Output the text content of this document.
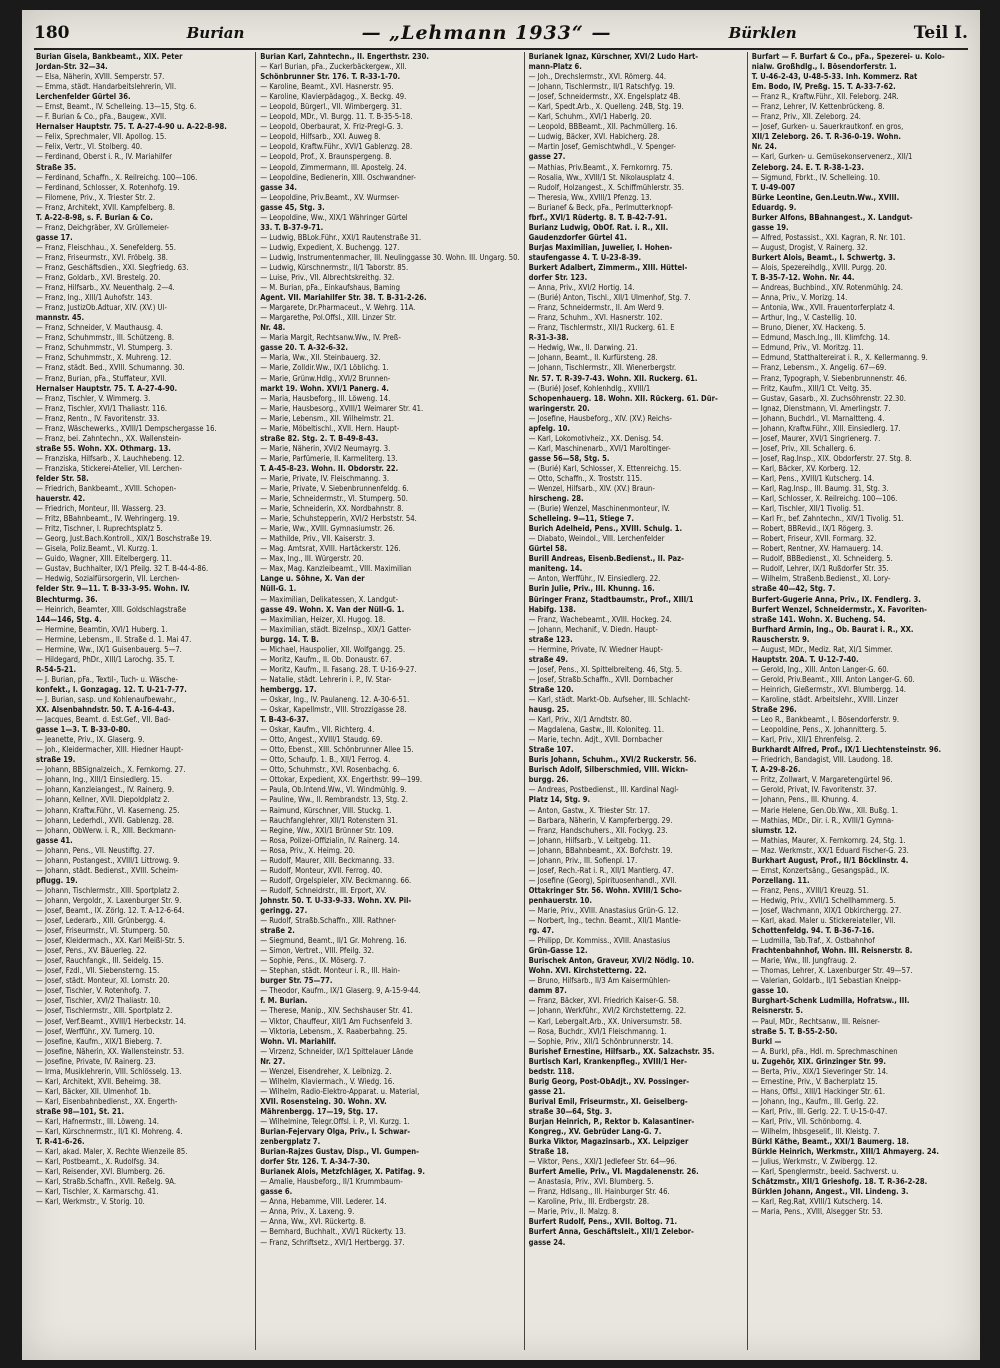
180	Burian	— „Lehmann 1933“ —	Bürklen	Teil I.
Burian Gisela, Bankbeamt., XIX. Peter
Jordan-Str. 32—34.
— Elsa, Näherin, XVIII. Semperstr. 57.
— Emma, städt. Handarbeitslehrerin, VII.
Lerchenfelder Gürtel 36.
— Ernst, Beamt., IV. Schelleing. 13—15, Stg. 6.
— F. Burian & Co., pFa., Baugew., XVII.
Hernalser Hauptstr. 75. T. A-27-4-90 u. A-22-8-98.
— Felix, Sprechmaler, VII. Apollog. 15.
— Felix, Vertr., VI. Stolberg. 40.
— Ferdinand, Oberst i. R., IV. Mariahilfer
Straße 35.
— Ferdinand, Schaffn., X. Reilreichg. 100—106.
— Ferdinand, Schlosser, X. Rotenhofg. 19.
— Filomene, Priv., X. Triester Str. 2.
— Franz, Architekt, XVII. Kampfelberg. 8.
T. A-22-8-98, s. F. Burian & Co.
— Franz, Deichgräber, XV. Grüllemeier-
gasse 17.
— Franz, Fleischhau., X. Senefelderg. 55.
— Franz, Friseurmstr., XVI. Fröbelg. 38.
— Franz, Geschäftsdien., XXI. Siegfriedg. 63.
— Franz, Goldarb., XVI. Brestelg. 20.
— Franz, Hilfsarb., XV. Neuenthalg. 2—4.
— Franz, Ing., XIII/1 Auhofstr. 143.
— Franz, JustizOb.Adtuar, XIV. (XV.) Ul-
mannstr. 45.
— Franz, Schneider, V. Mauthausg. 4.
— Franz, Schuhmmstr., III. Schützeng. 8.
— Franz, Schuhmmstr., VI. Stumperg. 3.
— Franz, Schuhmmstr., X. Muhreng. 12.
— Franz, städt. Bed., XVIII. Schumanng. 30.
— Franz, Burian, pFa., Stuffateur, XVII.
Hernalser Hauptstr. 75. T. A-27-4-90.
— Franz, Tischler, V. Wimmerg. 3.
— Franz, Tischler, XVI/1 Thaliastr. 116.
— Franz, Rentn., IV. Favoritenstr. 33.
— Franz, Wäschewerks., XVIII/1 Dempschergasse 16.
— Franz, bei. Zahntechn., XX. Wallenstein-
straße 55. Wohn. XX. Othmarg. 13.
— Franziska, Hilfsarb., X. Lauchhebeng. 12.
— Franziska, Stickerei-Atelier, VII. Lerchen-
felder Str. 58.
— Friedrich, Bankbeamt., XVIII. Schopen-
hauerstr. 42.
— Friedrich, Monteur, III. Wasserg. 23.
— Fritz, BBahnbeamt., IV. Wehringerg. 19.
— Fritz, Tischner, I. Ruprechtsplatz 5.
— Georg, Just.Bach.Kontroll., XIX/1 Boschstraße 19.
— Gisela, Poliz.Beamt., VI. Kurzg. 1.
— Guido, Wagner, XIII. Eitelbergerg. 11.
— Gustav, Buchhalter, IX/1 Pfeilg. 32 T. B-44-4-86.
— Hedwig, Sozialfürsorgerin, VII. Lerchen-
felder Str. 9—11. T. B-33-3-95. Wohn. IV.
Blechturmg. 36.
— Heinrich, Beamter, XIII. Goldschlagstraße
144—146, Stg. 4.
— Hermine, Beamtin, XVI/1 Huberg. 1.
— Hermine, Lebensm., II. Straße d. 1. Mai 47.
— Hermine, Ww., IX/1 Guisenbauerg. 5—7.
— Hildegard, PhDr., XIII/1 Larochg. 35. T.
R-54-5-21.
— J. Burian, pFa., Textil-, Tuch- u. Wäsche-
konfekt., I. Gonzagag. 12. T. U-21-7-77.
— J. Burian, sasp. und Kohlenaufbewahr.,
XX. Alsenbahndstr. 50. T. A-16-4-43.
— Jacques, Beamt. d. Est.Gef., VII. Bad-
gasse 1—3. T. B-33-0-80.
— Jeanette, Priv., IX. Glaserg. 9.
— Joh., Kleidermacher, XIII. Hiedner Haupt-
straße 19.
— Johann, BBSignalzeich., X. Fernkorng. 27.
— Johann, Ing., XIII/1 Einsiedlerg. 15.
— Johann, Kanzleiangest., IV. Rainerg. 9.
— Johann, Kellner, XVII. Diepoldplatz 2.
— Johann, Kraftw.Führ., VI. Kaserneng. 25.
— Johann, Lederhdl., XVII. Gablenzg. 28.
— Johann, ObWerw. i. R., XIII. Beckmann-
gasse 41.
— Johann, Pens., VII. Neustiftg. 27.
— Johann, Postangest., XVIII/1 Littrowg. 9.
— Johann, städt. Bedienst., XVIII. Scheim-
pflugg. 19.
— Johann, Tischlermstr., XIII. Sportplatz 2.
— Johann, Vergoldr., X. Laxenburger Str. 9.
— Josef, Beamt., IX. Zörlg. 12. T. A-12-6-64.
— Josef, Lederarb., XIII. Grünbergg. 4.
— Josef, Friseurmstr., VI. Stumperg. 50.
— Josef, Kleidermach., XX. Karl Meißl-Str. 5.
— Josef, Pens., XV. Bäuerleg. 22.
— Josef, Rauchfangk., III. Seidelg. 15.
— Josef, Fzdl., VII. Siebensterng. 15.
— Josef, städt. Monteur, XI. Lornstr. 20.
— Josef, Tischler, V. Rotenhofg. 7.
— Josef, Tischler, XVI/2 Thaliastr. 10.
— Josef, Tischlermstr., XIII. Sportplatz 2.
— Josef, Verf.Beamt., XVIII/1 Herbeckstr. 14.
— Josef, Werfführ., XV. Turnerg. 10.
— Josefine, Kaufm., XIX/1 Bieberg. 7.
— Josefine, Näherin, XX. Wallensteinstr. 53.
— Josefine, Private, IV. Rainerg. 23.
— Irma, Musiklehrerin, VIII. Schlösselg. 13.
— Karl, Architekt, XVII. Beheimg. 38.
— Karl, Bäcker, XII. Ulmenhof. 1b.
— Karl, Eisenbahnbedienst., XX. Engerth-
straße 98—101, St. 21.
— Karl, Hafnermstr., III. Löweng. 14.
— Karl, Kürschnermstr., II/1 Kl. Mohreng. 4.
T. R-41-6-26.
— Karl, akad. Maler, X. Rechte Wienzeile 85.
— Karl, Postbeamt., X. Rudolfsg. 34.
— Karl, Reisender, XVI. Blumberg. 26.
— Karl, Straßb.Schaffn., XVII. Reßelg. 9A.
— Karl, Tischler, X. Karmarschg. 41.
— Karl, Werkmstr., V. Storig. 10.
Burian Karl, Zahntechn., II. Engerthstr. 230.
— Karl Burian, pFa., Zuckerbäckergew., XII.
Schönbrunner Str. 176. T. R-33-1-70.
— Karoline, Beamt., XVI. Hasnerstr. 95.
— Karoline, Klavierpädagog., X. Beckg. 49.
— Leopold, Bürgerl., VII. Wimbergerg. 31.
— Leopold, MDr., VI. Burgg. 11. T. B-35-5-18.
— Leopold, Oberbaurat, X. Friz-Pregl-G. 3.
— Leopold, Hilfsarb., XXI. Auweg 8.
— Leopold, Kraftw.Führ., XVI/1 Gablenzg. 28.
— Leopold, Prof., X. Braunspergeng. 8.
— Leopold, Zimmermann, III. Apostelg. 24.
— Leopoldine, Bedienerin, XIII. Oschwandner-
gasse 34.
— Leopoldine, Priv.Beamt., XV. Wurmser-
gasse 45, Stg. 3.
— Leopoldine, Ww., XIX/1 Währinger Gürtel
33. T. B-37-9-71.
— Ludwig, BBLok.Führ., XXI/1 Rautenstraße 31.
— Ludwig, Expedient, X. Buchengg. 127.
— Ludwig, Instrumentenmacher, III. Neulinggasse 30. Wohn. III. Ungarg. 50.
— Ludwig, Kürschnermstr., II/1 Taborstr. 85.
— Luise, Priv., VII. Albrechtskreithg. 32.
— M. Burian, pFa., Einkaufshaus, Baming
Agent. VII. Mariahilfer Str. 38. T. B-31-2-26.
— Margarete, Dr.Pharmaceut., V. Wehrg. 11A.
— Margarethe, Pol.Offsl., XIII. Linzer Str.
Nr. 48.
— Maria Margit, Rechtsanw.Ww., IV. Preß-
gasse 20. T. A-32-6-32.
— Maria, Ww., XII. Steinbauerg. 32.
— Marie, Zolldir.Ww., IX/1 Löblichg. 1.
— Marie, Grünw.Hdlg., XVI/2 Brunnen-
markt 19. Wohn. XVI/1 Panerg. 4.
— Maria, Hausbeforg., III. Löweng. 14.
— Marie, Hausbesorg., XVIII/1 Weimarer Str. 41.
— Marie, Lebensm., XII. Wilhelmstr. 21.
— Marie, Möbeltischl., XVII. Hern. Haupt-
straße 82. Stg. 2. T. B-49-8-43.
— Marie, Näherin, XVI/2 Neumayrg. 3.
— Marie, Parfümerie, II. Karmeliterg. 13.
T. A-45-8-23. Wohn. II. Obdorstr. 22.
— Marie, Private, IV. Fleischmanng. 3.
— Marie, Private, V. Siebenbrunnenfeldg. 6.
— Marie, Schneidermstr., VI. Stumperg. 50.
— Marie, Schneiderin, XX. Nordbahnstr. 8.
— Marie, Schuhstepperin, XVI/2 Herbststr. 54.
— Marie, Ww., XVIII. Gymnasiumstr. 26.
— Mathilde, Priv., VII. Kaiserstr. 3.
— Mag. Amtsrat, XVIII. Hartäckerstr. 126.
— Max, Ing., III. Würgerstr. 20.
— Max, Mag. Kanzleibeamt., VIII. Maximilian
Lange u. Söhne, X. Van der
Nüll-G. 1.
— Maximilian, Delikatessen, X. Landgut-
gasse 49. Wohn. X. Van der Nüll-G. 1.
— Maximilian, Heizer, XI. Hugog. 18.
— Maximilian, städt. BizeInsp., XIX/1 Gatter-
burgg. 14. T. B.
— Michael, Hauspolier, XII. Wolfgangg. 25.
— Moritz, Kaufm., II. Ob. Donaustr. 67.
— Moritz, Kaufm., II. Fasang. 28. T. U-16-9-27.
— Natalie, städt. Lehrerin i. P., IV. Star-
hembergg. 17.
— Oskar, Ing., IV. Paulaneng. 12. A-30-6-51.
— Oskar, Kapellmstr., VIII. Strozzigasse 28.
T. B-43-6-37.
— Oskar, Kaufm., VII. Richterg. 4.
— Otto, Angest., XVIII/1 Staudg. 69.
— Otto, Ebenst., XIII. Schönbrunner Allee 15.
— Otto, Schaufp. 1. B., XII/1 Ferrog. 4.
— Otto, Schuhmstr., XVI. Rosenbachg. 6.
— Ottokar, Expedient, XX. Engerthstr. 99—199.
— Paula, Ob.Intend.Ww., VI. Windmühlg. 9.
— Pauline, Ww., II. Rembrandstr. 13, Stg. 2.
— Raimund, Kürschner, VIII. Stuckg. 1.
— Rauchfanglehrer, XII/1 Rotenstern 31.
— Regine, Ww., XXI/1 Brünner Str. 109.
— Rosa, Polizei-Offizialin, IV. Rainerg. 14.
— Rosa, Priv., X. Heimg. 20.
— Rudolf, Maurer, XIII. Beckmanng. 33.
— Rudolf, Monteur, XVII. Ferrog. 40.
— Rudolf, Orgelspieler, XIV. Beckmanng. 66.
— Rudolf, Schneidrstr., III. Erport, XV.
Johnstr. 50. T. U-33-9-33. Wohn. XV. Pil-
geringg. 27.
— Rudolf, Straßb.Schaffn., XIII. Rathner-
straße 2.
— Siegmund, Beamt., II/1 Gr. Mohreng. 16.
— Simon, Vertret., VIII. Pfeilg. 32.
— Sophie, Pens., IX. Möserg. 7.
— Stephan, städt. Monteur i. R., III. Hain-
burger Str. 75—77.
— Theodor, Kaufm., IX/1 Glaserg. 9, A-15-9-44.
f. M. Burian.
— Therese, Manip., XIV. Sechshauser Str. 41.
— Viktor, Chauffeur, XII/1 Am Fuchsenfeld 3.
— Viktoria, Lebensm., X. Raaberbahng. 25.
Wohn. VI. Mariahilf.
— Virzenz, Schneider, IX/1 Spittelauer Lände
Nr. 27.
— Wenzel, Eisendreher, X. Leibnizg. 2.
— Wilhelm, Klaviermach., V. Wiedg. 16.
— Wilhelm, Radio-Elektro-Apparat. u. Material,
XVII. Rosensteing. 30. Wohn. XV.
Mährenbergg. 17—19, Stg. 17.
— Wilhelmine, Telegr.Offsl. i. P., VI. Kurzg. 1.
Burian-Fejervary Olga, Priv., I. Schwar-
zenbergplatz 7.
Burian-Rajzes Gustav, Disp., VI. Gumpen-
dorfer Str. 126. T. A-34-7-30.
Burianek Alois, Metzfchläger, X. Patifag. 9.
— Amalie, Hausbeforg., II/1 Krummbaum-
gasse 6.
— Anna, Hebamme, VIII. Lederer. 14.
— Anna, Priv., X. Laxeng. 9.
— Anna, Ww., XVI. Rückertg. 8.
— Bernhard, Buchhalt., XVI/1 Rückerty. 13.
— Franz, Schriftsetz., XVI/1 Hertbergg. 37.
Burianek Ignaz, Kürschner, XVI/2 Ludo Hart-
mann-Platz 6.
— Joh., Drechslermstr., XVI. Römerg. 44.
— Johann, Tischlermstr., II/1 Ratschfyg. 19.
— Josef, Schneidermstr., XX. Engelsplatz 4B.
— Karl, Spedt.Arb., X. Quelleng. 24B, Stg. 19.
— Karl, Schuhm., XVI/1 Haberlg. 20.
— Leopold, BBBeamt., XII. Pachmüllerg. 16.
— Ludwig, Bäcker, XVI. Habicherg. 28.
— Martin Josef, Gemischtwhdl., V. Spenger-
gasse 27.
— Mathias, Priv.Beamt., X. Fernkornrg. 75.
— Rosalia, Ww., XVIII/1 St. Nikolausplatz 4.
— Rudolf, Holzangest., X. Schiffmühlerstr. 35.
— Theresia, Ww., XVIII/1 Pfenzg. 13.
— Burianef & Beck, pFa., Perlmutterknopf-
fbrf., XVI/1 Rüdertg. 8. T. B-42-7-91.
Burianz Ludwig, ObOf. Rat. i. R., XII.
Gaudenzdorfer Gürtel 41.
Burjas Maximilian, Juwelier, I. Hohen-
staufengasse 4. T. U-23-8-39.
Burkert Adalbert, Zimmerm., XIII. Hüttel-
dorfer Str. 123.
— Anna, Priv., XVI/2 Hortig. 14.
— (Burié) Anton, Tischl., XII/1 Ulmenhof, Stg. 7.
— Franz, Schneidermstr., II. Am Werd 9.
— Franz, Schuhm., XVI. Hasnerstr. 102.
— Franz, Tischlermstr., XII/1 Ruckerg. 61. E
R-31-3-38.
— Hedwig, Ww., II. Darwing. 21.
— Johann, Beamt., II. Kurfürsteng. 28.
— Johann, Tischlermstr., XII. Wienerbergstr.
Nr. 57. T. R-39-7-43. Wohn. XII. Ruckerg. 61.
— (Burié) Josef, Kohlenhdlg., XVIII/1
Schopenhauerg. 18. Wohn. XII. Rückerg. 61. Dür-
waringerstr. 20.
— Josefine, Hausbeforg., XIV. (XV.) Reichs-
apfelg. 10.
— Karl, Lokomotivheiz., XX. Denisg. 54.
— Karl, Maschinenarb., XVI/1 Maroltinger-
gasse 56—58, Stg. 5.
— (Burié) Karl, Schlosser, X. Ettenreichg. 15.
— Otto, Schaffn., X. Troststr. 115.
— Wenzel, Hilfsarb., XIV. (XV.) Braun-
hirscheng. 28.
— (Burie) Wenzel, Maschinenmonteur, IV.
Schelleing. 9—11, Stiege 7.
Burich Adelheid, Pens., XVIII. Schulg. 1.
— Diabato, Weindol., VIII. Lerchenfelder
Gürtel 58.
Burill Andreas, Eisenb.Bedienst., II. Paz-
maniteng. 14.
— Anton, Werfführ., IV. Einsiedlerg. 22.
Burin Julie, Priv., III. Khunng. 16.
Büringer Franz, Stadtbaumstr., Prof., XIII/1
Habifg. 138.
— Franz, Wachebeamt., XVIII. Hockeg. 24.
— Johann, Mechanif., V. Diedn. Haupt-
straße 123.
— Hermine, Private, IV. Wiedner Haupt-
straße 49.
— Josef, Pens., XI. Spittelbreiteng. 46, Stg. 5.
— Josef, Straßb.Schaffn., XVII. Dornbacher
Straße 120.
— Karl, städt. Markt-Ob. Aufseher, III. Schlacht-
hausg. 25.
— Karl, Priv., XI/1 Arndtstr. 80.
— Magdalena, Gastw., III. Koloniteg. 11.
— Marie, techn. Adjt., XVII. Dornbacher
Straße 107.
Buris Johann, Schuhm., XVI/2 Ruckerstr. 56.
Burisch Adolf, Silberschmied, VIII. Wickn-
burgg. 26.
— Andreas, Postbedienst., III. Kardinal Nagl-
Platz 14, Stg. 9.
— Anton, Gastw., X. Triester Str. 17.
— Barbara, Näherin, V. Kampferbergg. 29.
— Franz, Handschuhers., XII. Fockyg. 23.
— Johann, Hilfsarb., V. Leitgebg. 11.
— Johann, BBahnbeamt., XX. Bofchstr. 19.
— Johann, Priv., III. Sofienpl. 17.
— Josef, Rech.-Rat i. R., XII/1 Mantlerg. 47.
— Josefine (Georg), Spirituosenhandl., XVII.
Ottakringer Str. 56. Wohn. XVIII/1 Scho-
penhauerstr. 10.
— Marie, Priv., XVIII. Anastasius Grün-G. 12.
— Norbert, Ing., techn. Beamt., XII/1 Mantle-
rg. 47.
— Philipp, Dr. Kommiss., XVIII. Anastasius
Grün-Gasse 12.
Burischek Anton, Graveur, XVI/2 Nödlg. 10.
Wohn. XVI. Kirchstetterng. 22.
— Bruno, Hilfsarb., II/3 Am Kaisermühlen-
damm 87.
— Franz, Bäcker, XVI. Friedrich Kaiser-G. 58.
— Johann, Werkführ., XVI/2 Kirchstetterng. 22.
— Karl, Lebergalt.Arb., XX. Universumstr. 58.
— Rosa, Buchdr., XVI/1 Fleischmanng. 1.
— Sophie, Priv., XII/1 Schönbrunnerstr. 14.
Burishef Ernestine, Hilfsarb., XX. Salzachstr. 35.
Burtisch Karl, Krankenpfleg., XVIII/1 Her-
bedstr. 118.
Burig Georg, Post-ObAdjt., XV. Possinger-
gasse 21.
Burival Emil, Friseurmstr., XI. Geiselberg-
straße 30—64, Stg. 3.
Burjan Heinrich, P., Rektor b. Kalasantiner-
Kongreg., XV. Gebrüder Lang-G. 7.
Burka Viktor, Magazinsarb., XX. Leipziger
Straße 18.
— Viktor, Pens., XXI/1 Jedlefeer Str. 64—96.
Burfert Amelie, Priv., VI. Magdalenenstr. 26.
— Anastasia, Priv., XVI. Blumberg. 5.
— Franz, Hdlsang., III. Hainburger Str. 46.
— Karoline, Priv., III. Erdbergstr. 28.
— Marie, Priv., II. Malzg. 8.
Burfert Rudolf, Pens., XVII. Boltog. 71.
Burfert Anna, Geschäftsleit., XII/1 Zelebor-
gasse 24.
Burfart — F. Burfart & Co., pFa., Spezerei- u. Kolo-
nialw. Großhdlg., I. Bösendorferstr. 1.
T. U-46-2-43, U-48-5-33. Inh. Kommerz. Rat
Em. Bodo, IV, Preßg. 15. T. A-33-7-62.
— Franz R., Kraftw.Führ., XII. Feleborg. 24R.
— Franz, Lehrer, IV. Kettenbrückeng. 8.
— Franz, Priv., XII. Zeleborg. 24.
— Josef, Gurken- u. Sauerkrautkonf. en gros,
XII/1 Zeleborg. 26. T. R-36-0-19. Wohn.
Nr. 24.
— Karl, Gurken- u. Gemüsekonservenerz., XII/1
Zeleborg. 24. E. T. R-38-1-23.
— Sigmund, Fbrkt., IV. Schelleing. 10.
T. U-49-007
Bürke Leontine, Gen.Leutn.Ww., XVIII.
Eduardg. 9.
Burker Alfons, BBahnangest., X. Landgut-
gasse 19.
— Alfred, Postassist., XXI. Kagran, R. Nr. 101.
— August, Drogist, V. Rainerg. 32.
Burkert Alois, Beamt., I. Schwertg. 3.
— Alois, Spezereihdlg., XVIII. Purgg. 20.
T. B-35-7-12. Wohn. Nr. 44.
— Andreas, Buchbind., XIV. Rotenmühlg. 24.
— Anna, Priv., V. Morizg. 14.
— Antonia, Ww., XVII. Frauentorferplatz 4.
— Arthur, Ing., V. Castellig. 10.
— Bruno, Diener, XV. Hackeng. 5.
— Edmund, Masch.Ing., III. Klimfchg. 14.
— Edmund, Priv., VI. Moritzg. 11.
— Edmund, Statthaltereirat i. R., X. Kellermanng. 9.
— Franz, Lebensm., X. Angelig. 67—69.
— Franz, Typograph, V. Siebenbrunnenstr. 46.
— Fritz, Kaufm., XIII/1 Ct. Veitg. 35.
— Gustav, Gasarb., XI. Zuchsöhrenstr. 22.30.
— Ignaz, Dienstmann, VI. Amerlingstr. 7.
— Johann, Buchdrl., VI. Marnaltteng. 4.
— Johann, Kraftw.Führ., XIII. Einsiedlerg. 17.
— Josef, Maurer, XVI/1 Singrienerg. 7.
— Josef, Priv., XII. Schallerg. 6.
— Josef, Rag.Insp., XIX. Obdorferstr. 27. Stg. 8.
— Karl, Bäcker, XV. Korberg. 12.
— Karl, Pens., XVIII/1 Kutscherg. 14.
— Karl, Rag.Insp., III. Baumg. 31, Stg. 3.
— Karl, Schlosser, X. Reilreichg. 100—106.
— Karl, Tischler, XII/1 Tivolig. 51.
— Karl Fr., bef. Zahntechn., XIV/1 Tivolig. 51.
— Robert, BBRevid., IX/1 Rögerg. 3.
— Robert, Friseur, XVII. Formarg. 32.
— Robert, Rentner, XV. Harnauerg. 14.
— Rudolf, BBBedienst., XI. Schneiderg. 5.
— Rudolf, Lehrer, IX/1 Rußdorfer Str. 35.
— Wilhelm, Straßenb.Bedienst., XI. Lory-
straße 40—42, Stg. 7.
Burfert-Gugerie Anna, Priv., IX. Fendlerg. 3.
Burfert Wenzel, Schneidermstr., X. Favoriten-
straße 141. Wohn. X. Bucheng. 54.
Burfhard Armin, Ing., Ob. Baurat i. R., XX.
Rauscherstr. 9.
— August, MDr., Mediz. Rat, XI/1 Simmer.
Hauptstr. 20A. T. U-12-7-40.
— Gerold, Ing., XIII. Anton Langer-G. 60.
— Gerold, Priv.Beamt., XIII. Anton Langer-G. 60.
— Heinrich, Gießermstr., XVI. Blumbergg. 14.
— Karoline, städt. Arbeitslehr., XVIII. Linzer
Straße 296.
— Leo R., Bankbeamt., I. Bösendorferstr. 9.
— Leopoldine, Pens., X. Johannitterg. 5.
— Karl, Priv., XII/1 Ehrenfelsg. 2.
Burkhardt Alfred, Prof., IX/1 Liechtensteinstr. 96.
— Friedrich, Bandagist, VIII. Laudong. 18.
T. A-29-8-26.
— Fritz, Zollwart, V. Margaretengürtel 96.
— Gerold, Privat, IV. Favoritenstr. 37.
— Johann, Pens., III. Khunng. 4.
— Marie Helene, Gen.Ob.Ww., XII. Bußg. 1.
— Mathias, MDr., Dir. i. R., XVIII/1 Gymna-
siumstr. 12.
— Mathias, Maurer, X. Fernkornrg. 24, Stg. 1.
— Maz. Werkmstr., XX/1 Eduard Fischer-G. 23.
Burkhart August, Prof., II/1 Böcklinstr. 4.
— Ernst, Konzertsäng., Gesangspäd., IX.
Porzellang. 11.
— Franz, Pens., XVIII/1 Kreuzg. 51.
— Hedwig, Priv., XVII/1 Schellhammerg. 5.
— Josef, Wachmann, XIX/1 Obkirchergg. 27.
— Karl, akad. Maler u. Stickereiateller, VII.
Schottenfeldg. 94. T. B-36-7-16.
— Ludmilla, Tab.Traf., X. Ostbahnhof
Frachtenbahnhof, Wohn. III. Reisnerstr. 8.
— Marie, Ww., III. Jungfraug. 2.
— Thomas, Lehrer, X. Laxenburger Str. 49—57.
— Valerian, Goldarb., II/1 Sebastian Kneipp-
gasse 10.
Burghart-Schenk Ludmilla, Hofratsw., III.
Reisnerstr. 5.
— Paul, MDr., Rechtsanw., III. Reisner-
straße 5. T. B-55-2-50.
Burkl —
— A. Burkl, pFa., Hdl. m. Sprechmaschinen
u. Zugehör, XIX. Grinzinger Str. 99.
— Berta, Priv., XIX/1 Sieveringer Str. 14.
— Ernestine, Priv., V. Bacherplatz 15.
— Hans, Offsl., XIII/1 Hackinger Str. 61.
— Johann, Ing., Kaufm., III. Gerlg. 22.
— Karl, Priv., III. Gerlg. 22. T. U-15-0-47.
— Karl, Priv., VII. Schönborng. 4.
— Wilhelm, Ihbsgeselif., III. Kleistg. 7.
Bürkl Käthe, Beamt., XXI/1 Baumerg. 18.
Bürkle Heinrich, Werkmstr., XIII/1 Ahmayerg. 24.
— Julius, Werkmstr., V. Zwibergg. 12.
— Karl, Spenglermstr., beeid. Sachverst. u.
Schätzmstr., XII/1 Grieshofg. 18. T. R-36-2-28.
Bürklen Johann, Angest., VII. Lindeng. 3.
— Karl, Reg.Rat, XVIII/1 Kutscherg. 14.
— Maria, Pens., XVIII, Alsegger Str. 53.
